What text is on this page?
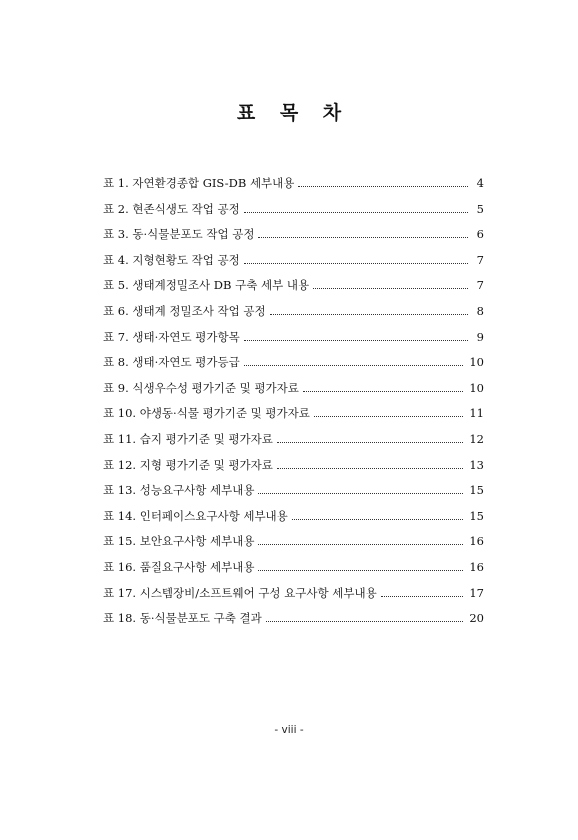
표 목 차
표 1. 자연환경종합 GIS-DB 세부내용	4
표 2. 현존식생도 작업 공정	5
표 3. 동·식물분포도 작업 공정	6
표 4. 지형현황도 작업 공정	7
표 5. 생태계정밀조사 DB 구축 세부 내용	7
표 6. 생태계 정밀조사 작업 공정	8
표 7. 생태·자연도 평가항목	9
표 8. 생태·자연도 평가등급	10
표 9. 식생우수성 평가기준 및 평가자료	10
표 10. 야생동·식물 평가기준 및 평가자료	11
표 11. 습지 평가기준 및 평가자료	12
표 12. 지형 평가기준 및 평가자료	13
표 13. 성능요구사항 세부내용	15
표 14. 인터페이스요구사항 세부내용	15
표 15. 보안요구사항 세부내용	16
표 16. 품질요구사항 세부내용	16
표 17. 시스템장비/소프트웨어 구성 요구사항 세부내용	17
표 18. 동·식물분포도 구축 결과	20
- viii -
